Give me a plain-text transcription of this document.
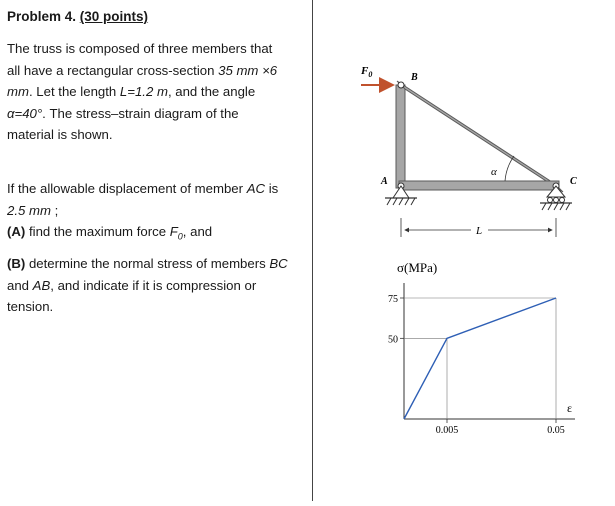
Problem 4. (30 points)
The truss is composed of three members that
all have a rectangular cross-section 35 mm ×6
mm. Let the length L=1.2 m, and the angle
α=40°. The stress–strain diagram of the
material is shown.
If the allowable displacement of member AC is
2.5 mm ;
(A) find the maximum force $F_0$, and
(B) determine the normal stress of members BC
and AB, and indicate if it is compression or
tension.
$F_0$	B
A	C
α
L
σ(MPa)
ε
0.005	0.05
50
75
